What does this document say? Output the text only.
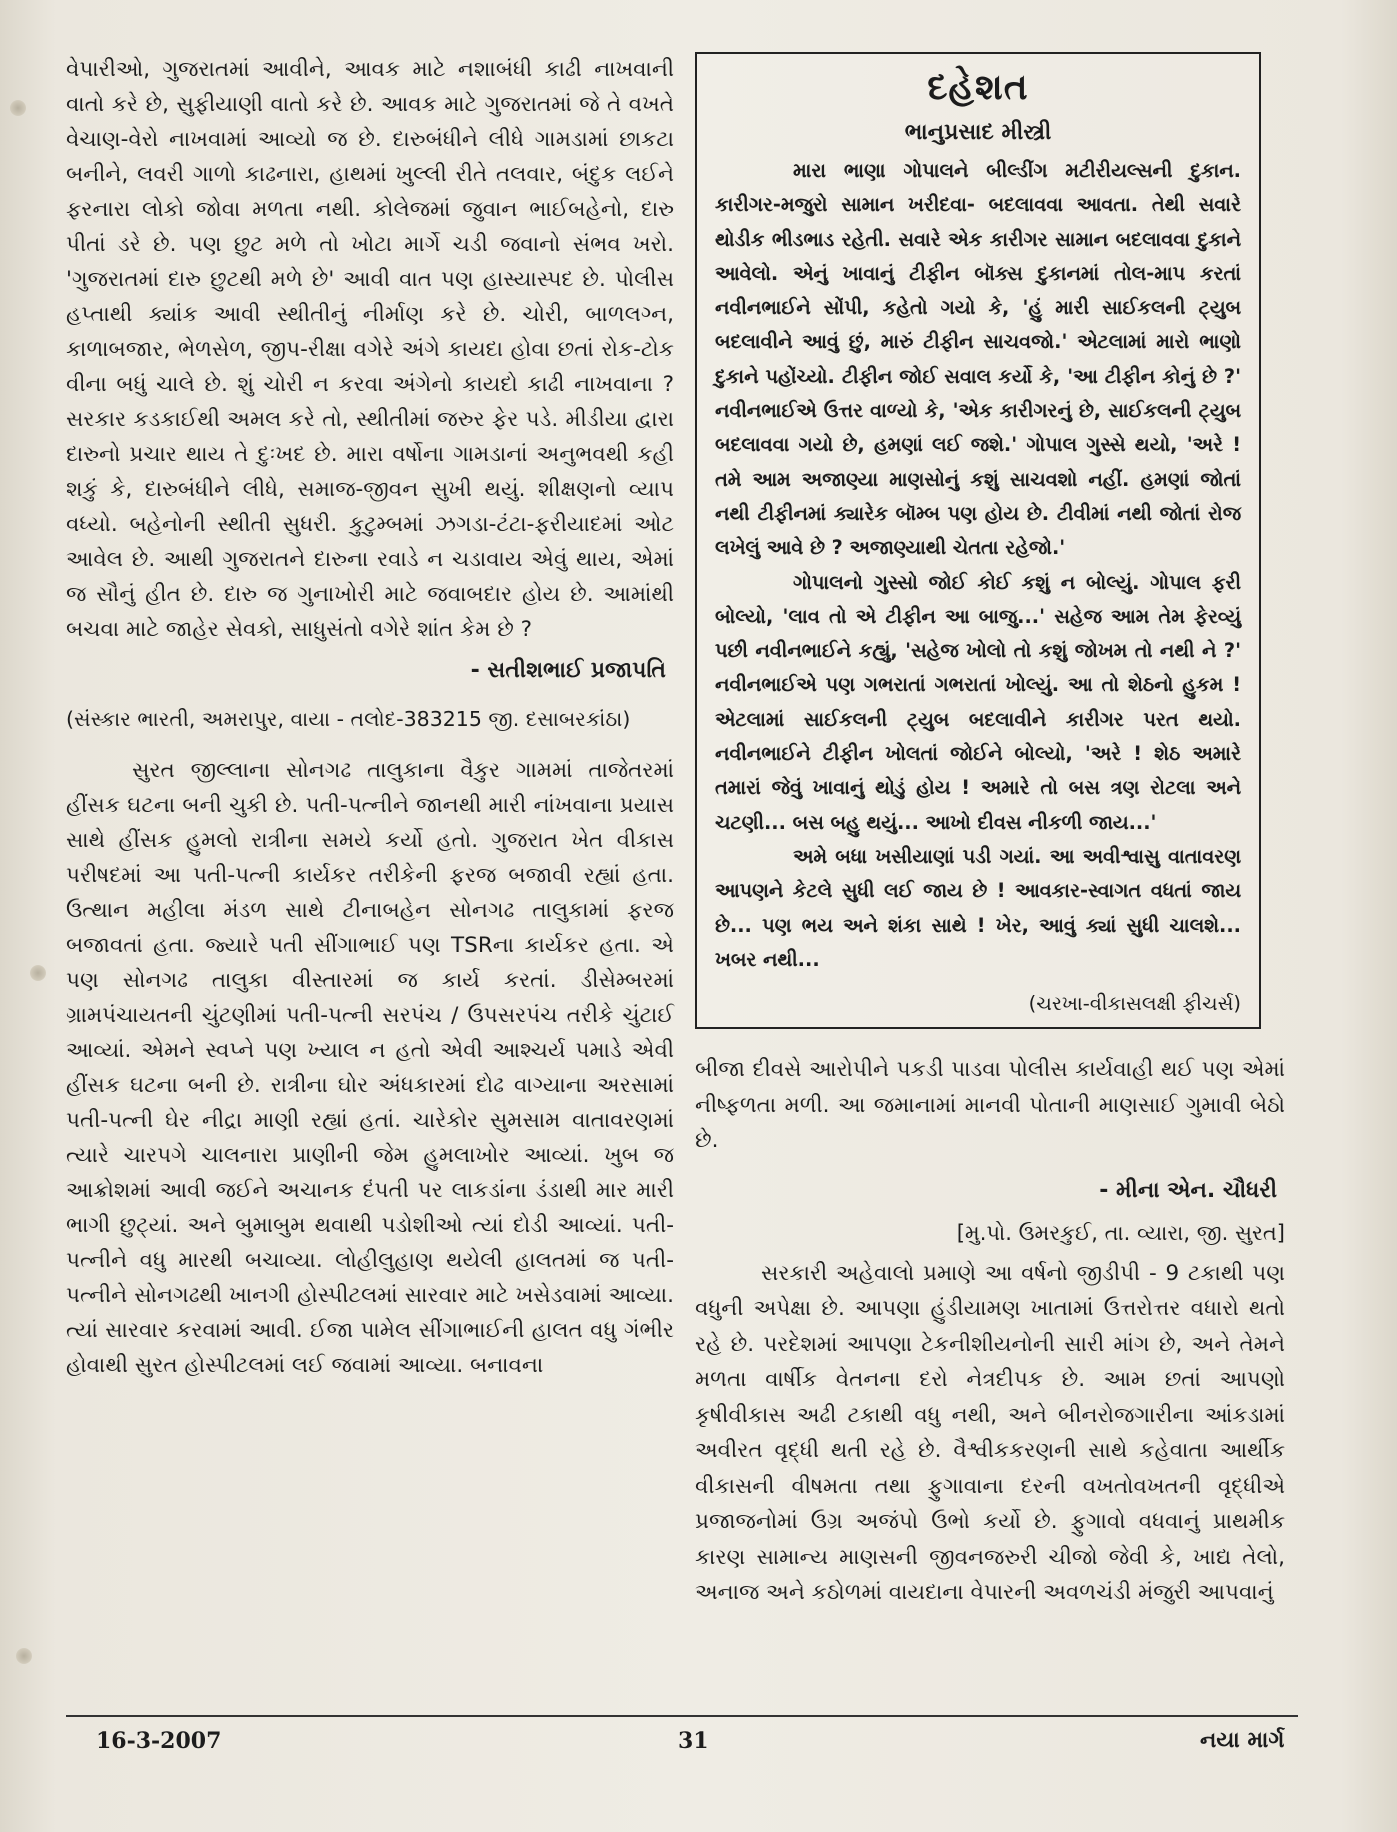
વેપારીઓ, ગુજરાતમાં આવીને, આવક માટે નશાબંધી કાઢી નાખવાની વાતો કરે છે, સુફીયાણી વાતો કરે છે. આવક માટે ગુજરાતમાં જે તે વખતે વેચાણ-વેરો નાખવામાં આવ્યો જ છે. દારુબંધીને લીધે ગામડામાં છાકટા બનીને, લવરી ગાળો કાઢનારા, હાથમાં ખુલ્લી રીતે તલવાર, બંદુક લઈને ફરનારા લોકો જોવા મળતા નથી. કોલેજમાં જુવાન ભાઈબહેનો, દારુ પીતાં ડરે છે. પણ છુટ મળે તો ખોટા માર્ગે ચડી જવાનો સંભવ ખરો. 'ગુજરાતમાં દારુ છુટથી મળે છે' આવી વાત પણ હાસ્યાસ્પદ છે. પોલીસ હપ્તાથી ક્યાંક આવી સ્થીતીનું નીર્માણ કરે છે. ચોરી, બાળલગ્ન, કાળાબજાર, ભેળસેળ, જીપ-રીક્ષા વગેરે અંગે કાયદા હોવા છતાં રોક-ટોક વીના બધું ચાલે છે. શું ચોરી ન કરવા અંગેનો કાયદો કાઢી નાખવાના ? સરકાર કડકાઈથી અમલ કરે તો, સ્થીતીમાં જરુર ફેર પડે. મીડીયા દ્વારા દારુનો પ્રચાર થાય તે દુઃખદ છે. મારા વર્ષોના ગામડાનાં અનુભવથી કહી શકું કે, દારુબંધીને લીધે, સમાજ-જીવન સુખી થયું. શીક્ષણનો વ્યાપ વધ્યો. બહેનોની સ્થીતી સુધરી. કુટુમ્બમાં ઝગડા-ટંટા-ફરીયાદમાં ઓટ આવેલ છે. આથી ગુજરાતને દારુના રવાડે ન ચડાવાય એવું થાય, એમાં જ સૌનું હીત છે. દારુ જ ગુનાખોરી માટે જવાબદાર હોય છે. આમાંથી બચવા માટે જાહેર સેવકો, સાધુસંતો વગેરે શાંત કેમ છે ?

- સતીશભાઈ પ્રજાપતિ
(સંસ્કાર ભારતી, અમરાપુર, વાયા - તલોદ-383215 જી. દસાબરકાંઠા)

સુરત જીલ્લાના સોનગઢ તાલુકાના વૈકુર ગામમાં તાજેતરમાં હીંસક ઘટના બની ચુકી છે. પતી-પત્નીને જાનથી મારી નાંખવાના પ્રયાસ સાથે હીંસક હુમલો રાત્રીના સમયે કર્યો હતો. ગુજરાત ખેત વીકાસ પરીષદમાં આ પતી-પત્ની કાર્યકર તરીકેની ફરજ બજાવી રહ્યાં હતા. ઉત્થાન મહીલા મંડળ સાથે ટીનાબહેન સોનગઢ તાલુકામાં ફરજ બજાવતાં હતા. જ્યારે પતી સીંગાભાઈ પણ TSRના કાર્યકર હતા. એ પણ સોનગઢ તાલુકા વીસ્તારમાં જ કાર્ય કરતાં. ડીસેમ્બરમાં ગ્રામપંચાયતની ચુંટણીમાં પતી-પત્ની સરપંચ / ઉપસરપંચ તરીકે ચુંટાઈ આવ્યાં. એમને સ્વપ્ને પણ ખ્યાલ ન હતો એવી આશ્ચર્ય પમાડે એવી હીંસક ઘટના બની છે. રાત્રીના ઘોર અંધકારમાં દોઢ વાગ્યાના અરસામાં પતી-પત્ની ઘેર નીદ્રા માણી રહ્યાં હતાં. ચારેકોર સુમસામ વાતાવરણમાં ત્યારે ચારપગે ચાલનારા પ્રાણીની જેમ હુમલાખોર આવ્યાં. ખુબ જ આક્રોશમાં આવી જઈને અચાનક દંપતી પર લાકડાંના ડંડાથી માર મારી ભાગી છુટ્યાં. અને બુમાબુમ થવાથી પડોશીઓ ત્યાં દોડી આવ્યાં. પતી-પત્નીને વધુ મારથી બચાવ્યા. લોહીલુહાણ થયેલી હાલતમાં જ પતી-પત્નીને સોનગઢથી ખાનગી હોસ્પીટલમાં સારવાર માટે ખસેડવામાં આવ્યા. ત્યાં સારવાર કરવામાં આવી. ઈજા પામેલ સીંગાભાઈની હાલત વધુ ગંભીર હોવાથી સુરત હોસ્પીટલમાં લઈ જવામાં આવ્યા. બનાવના

દહેશત
ભાનુપ્રસાદ મીસ્ત્રી

મારા ભાણા ગોપાલને બીલ્ડીંગ મટીરીયલ્સની દુકાન. કારીગર-મજુરો સામાન ખરીદવા- બદલાવવા આવતા. તેથી સવારે થોડીક ભીડભાડ રહેતી. સવારે એક કારીગર સામાન બદલાવવા દુકાને આવેલો. એનું ખાવાનું ટીફીન બૉક્સ દુકાનમાં તોલ-માપ કરતાં નવીનભાઈને સોંપી, કહેતો ગયો કે, 'હું મારી સાઈકલની ટ્યુબ બદલાવીને આવું છું, મારું ટીફીન સાચવજો.' એટલામાં મારો ભાણો દુકાને પહોંચ્યો. ટીફીન જોઈ સવાલ કર્યો કે, 'આ ટીફીન કોનું છે ?' નવીનભાઈએ ઉત્તર વાળ્યો કે, 'એક કારીગરનું છે, સાઈકલની ટ્યુબ બદલાવવા ગયો છે, હમણાં લઈ જશે.' ગોપાલ ગુસ્સે થયો, 'અરે ! તમે આમ અજાણ્યા માણસોનું કશું સાચવશો નહીં. હમણાં જોતાં નથી ટીફીનમાં ક્યારેક બૉમ્બ પણ હોય છે. ટીવીમાં નથી જોતાં રોજ લખેલું આવે છે ? અજાણ્યાથી ચેતતા રહેજો.'

ગોપાલનો ગુસ્સો જોઈ કોઈ કશું ન બોલ્યું. ગોપાલ ફરી બોલ્યો, 'લાવ તો એ ટીફીન આ બાજુ...' સહેજ આમ તેમ ફેરવ્યું પછી નવીનભાઈને કહ્યું, 'સહેજ ખોલો તો કશું જોખમ તો નથી ને ?' નવીનભાઈએ પણ ગભરાતાં ગભરાતાં ખોલ્યું. આ તો શેઠનો હુકમ ! એટલામાં સાઈકલની ટ્યુબ બદલાવીને કારીગર પરત થયો. નવીનભાઈને ટીફીન ખોલતાં જોઈને બોલ્યો, 'અરે ! શેઠ અમારે તમારાં જેવું ખાવાનું થોડું હોય ! અમારે તો બસ ત્રણ રોટલા અને ચટણી... બસ બહુ થયું... આખો દીવસ નીકળી જાય...'

અમે બધા ખસીયાણાં પડી ગયાં. આ અવીશ્વાસુ વાતાવરણ આપણને કેટલે સુધી લઈ જાય છે ! આવકાર-સ્વાગત વધતાં જાય છે... પણ ભય અને શંકા સાથે ! ખેર, આવું ક્યાં સુધી ચાલશે... ખબર નથી...

(ચરખા-વીકાસલક્ષી ફીચર્સ)

બીજા દીવસે આરોપીને પકડી પાડવા પોલીસ કાર્યવાહી થઈ પણ એમાં નીષ્ફળતા મળી. આ જમાનામાં માનવી પોતાની માણસાઈ ગુમાવી બેઠો છે.

- મીના એન. ચૌધરી
[મુ.પો. ઉમરકુઈ, તા. વ્યારા, જી. સુરત]

સરકારી અહેવાલો પ્રમાણે આ વર્ષનો જીડીપી - 9 ટકાથી પણ વધુની અપેક્ષા છે. આપણા હુંડીયામણ ખાતામાં ઉત્તરોત્તર વધારો થતો રહે છે. પરદેશમાં આપણા ટેકનીશીયનોની સારી માંગ છે, અને તેમને મળતા વાર્ષીક વેતનના દરો નેત્રદીપક છે. આમ છતાં આપણો કૃષીવીકાસ અઢી ટકાથી વધુ નથી, અને બીનરોજગારીના આંકડામાં અવીરત વૃદ્ધી થતી રહે છે. વૈશ્વીકકરણની સાથે કહેવાતા આર્થીક વીકાસની વીષમતા તથા ફુગાવાના દરની વખતોવખતની વૃદ્ધીએ પ્રજાજનોમાં ઉગ્ર અજંપો ઉભો કર્યો છે. ફુગાવો વધવાનું પ્રાથમીક કારણ સામાન્ય માણસની જીવનજરુરી ચીજો જેવી કે, ખાદ્ય તેલો, અનાજ અને કઠોળમાં વાયદાના વેપારની અવળચંડી મંજુરી આપવાનું

16-3-2007	31	નયા માર્ગ
